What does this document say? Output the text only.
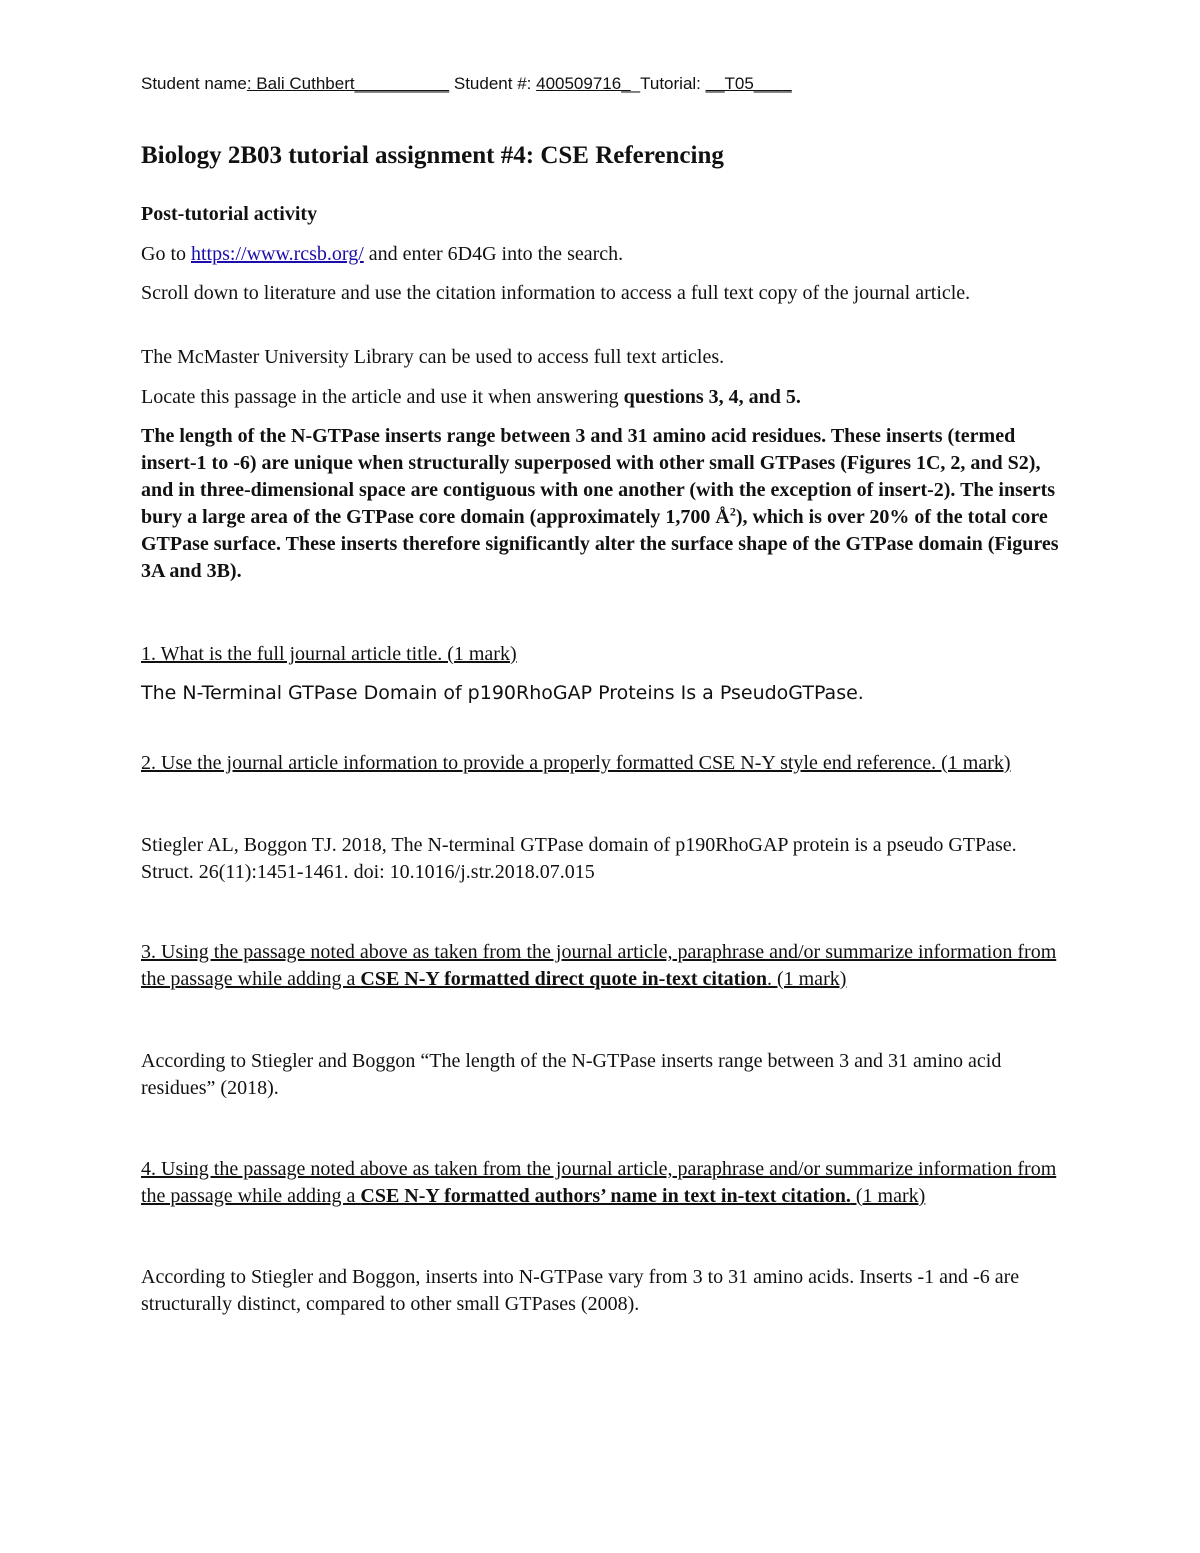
Student name: Bali Cuthbert__________ Student #: 400509716__Tutorial: __T05____
Biology 2B03 tutorial assignment #4: CSE Referencing
Post-tutorial activity
Go to https://www.rcsb.org/ and enter 6D4G into the search.
Scroll down to literature and use the citation information to access a full text copy of the journal article.
The McMaster University Library can be used to access full text articles.
Locate this passage in the article and use it when answering questions 3, 4, and 5.
The length of the N-GTPase inserts range between 3 and 31 amino acid residues. These inserts (termed insert-1 to -6) are unique when structurally superposed with other small GTPases (Figures 1C, 2, and S2), and in three-dimensional space are contiguous with one another (with the exception of insert-2). The inserts bury a large area of the GTPase core domain (approximately 1,700 $Å^2$), which is over 20% of the total core GTPase surface. These inserts therefore significantly alter the surface shape of the GTPase domain (Figures 3A and 3B).
1. What is the full journal article title. (1 mark)
The N-Terminal GTPase Domain of p190RhoGAP Proteins Is a PseudoGTPase.
2. Use the journal article information to provide a properly formatted CSE N-Y style end reference. (1 mark)
Stiegler AL, Boggon TJ. 2018, The N-terminal GTPase domain of p190RhoGAP protein is a pseudo GTPase. Struct. 26(11):1451-1461. doi: 10.1016/j.str.2018.07.015
3. Using the passage noted above as taken from the journal article, paraphrase and/or summarize information from the passage while adding a CSE N-Y formatted direct quote in-text citation. (1 mark)
According to Stiegler and Boggon “The length of the N-GTPase inserts range between 3 and 31 amino acid residues” (2018).
4. Using the passage noted above as taken from the journal article, paraphrase and/or summarize information from the passage while adding a CSE N-Y formatted authors’ name in text in-text citation. (1 mark)
According to Stiegler and Boggon, inserts into N-GTPase vary from 3 to 31 amino acids. Inserts -1 and -6 are structurally distinct, compared to other small GTPases (2008).
